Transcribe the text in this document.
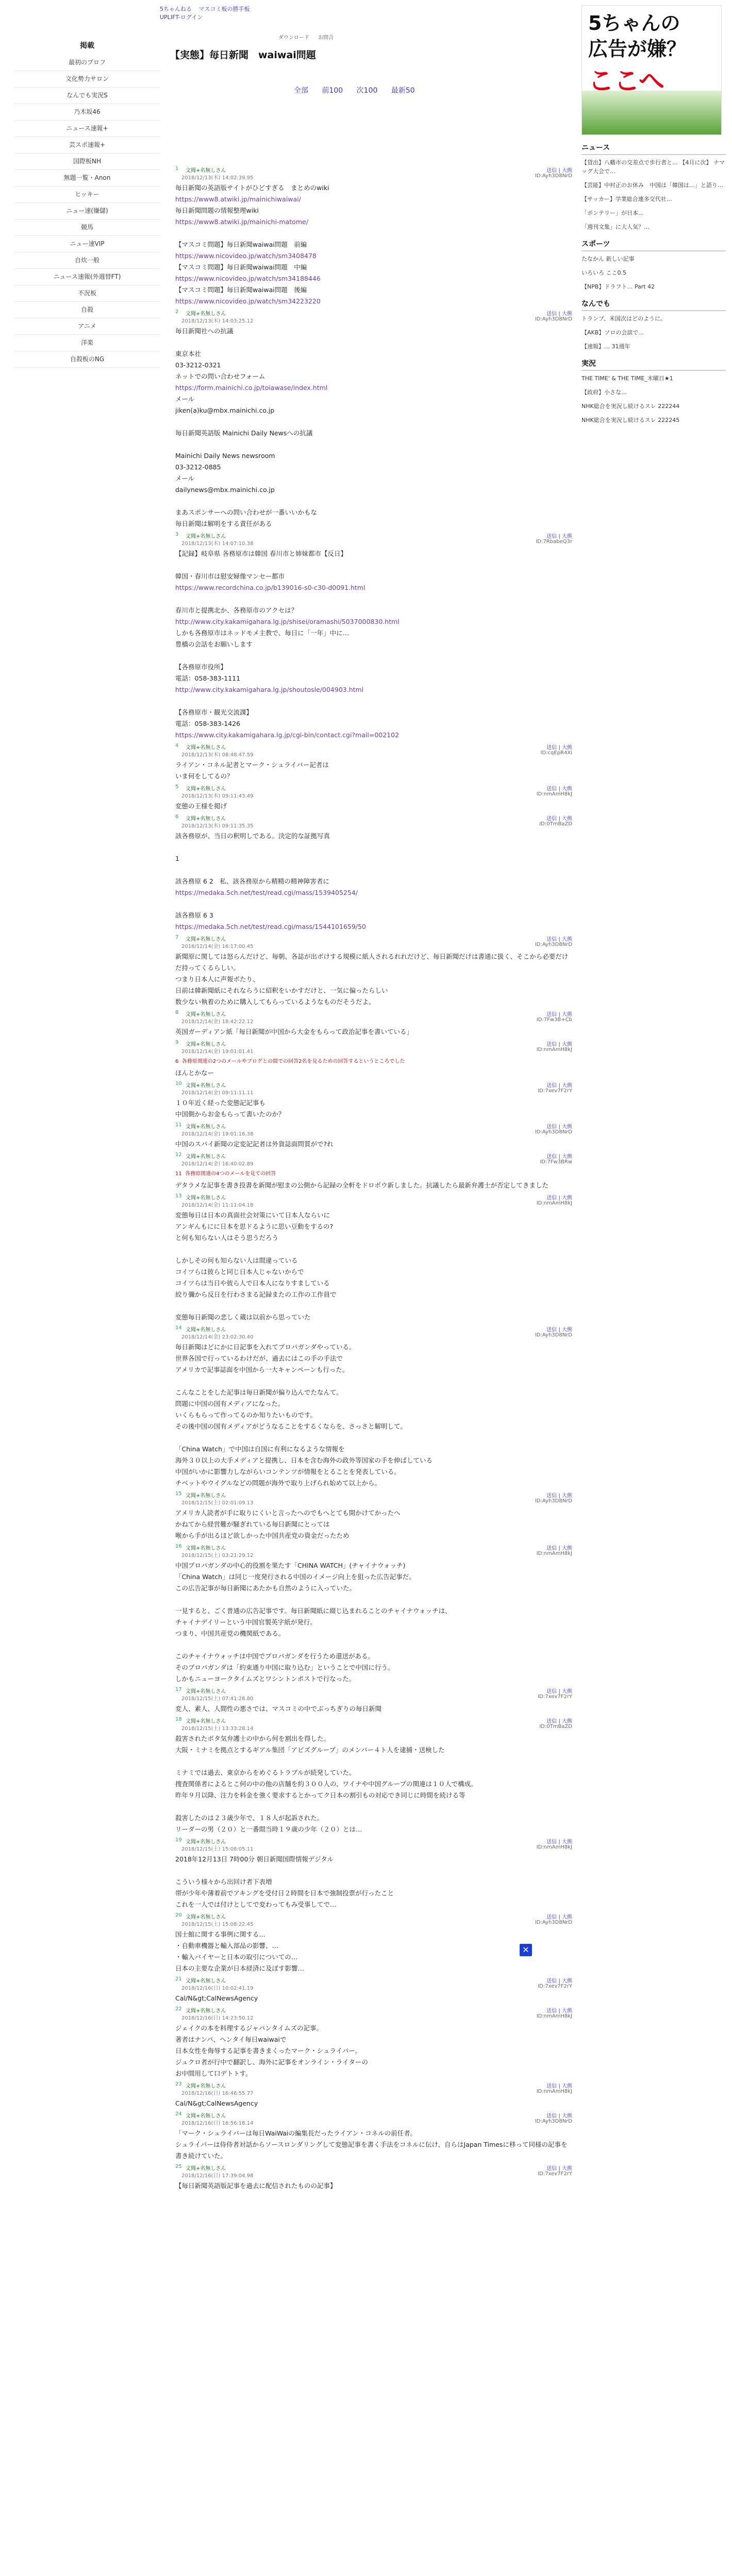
5ちゃんねる マスコミ板の勝手板
UPLIFT-ログイン
ダウンロード お問合
【実態】毎日新聞　waiwai問題
全部 前100 次100 最新50
掲載
最初のプロフ
文化勢力サロン
なんでも実況S
乃木坂46
ニュース速報+
芸スポ速報+
国際板NH
無題一覧・Anon
ヒッキー
ニュー速(嫌儲)
競馬
ニュー速VIP
自炊一般
ニュース速報(外週替FT)
不況板
自殺
アニメ
洋楽
自殺板のNG
5ちゃんの
広告が嫌？
ここへ
ニュース
【貸出】八幡市の交差点で歩行者と… 【4月に次】 ナマッグ大会で…
【芸能】中村正のお休み　中国は「韓国は…」と語り…
【サッカー】学業総合連多交代社…
「ポンテリー」が日本…
「週刊文集」に大人気？…
スポーツ
たなかん 新しい記事
いろいろ ここ0.5
【NPB】ドラフト… Part 42
なんでも
トランプ、米国次はどのように。
【AKB】ソロの会談で…
【速報】… 31週年
実況
THE TIME' & THE TIME_木曜日★1
【政府】小さな…
NHK総合を実況し続けるスレ 222244
NHK総合を実況し続けるスレ 222245
1 文聞+名無しさん
2018/12/13(木) 14:02:39.95	ID:Ayh3D8NrD
送信 | 大熊
毎日新聞の英語版サイトがひどすぎる　まとめのwiki
https://www8.atwiki.jp/mainichiwaiwai/
毎日新聞問題の情報整理wiki
https://www8.atwiki.jp/mainichi-matome/

【マスコミ問題】毎日新聞waiwai問題　前編
https://www.nicovideo.jp/watch/sm3408478
【マスコミ問題】毎日新聞waiwai問題　中編
https://www.nicovideo.jp/watch/sm34188446
【マスコミ問題】毎日新聞waiwai問題　後編
https://www.nicovideo.jp/watch/sm34223220
2 文聞+名無しさん
2018/12/13(木) 14:03:25.12	ID:Ayh3D8NrD
送信 | 大熊
毎日新聞社への抗議

東京本社
03-3212-0321
ネットでの問い合わせフォーム
https://form.mainichi.co.jp/toiawase/index.html
メール
jiken(a)ku@mbx.mainichi.co.jp

毎日新聞英語版 Mainichi Daily Newsへの抗議

Mainichi Daily News newsroom
03-3212-0885
メール
dailynews@mbx.mainichi.co.jp

まあスポンサーへの問い合わせが一番いいかもな
毎日新聞は解明をする責任がある
3 文聞+名無しさん
2018/12/13(木) 14:07:10.38	ID:7RbabeQ3r
送信 | 大熊
【記録】岐阜県 各務原市は韓国 春川市と姉妹都市【反日】

韓国・春川市は慰安婦像マンセー都市
https://www.recordchina.co.jp/b139016-s0-c30-d0091.html

春川市と提携北か、各務原市のアクセは？
http://www.city.kakamigahara.lg.jp/shisei/oramashi/5037000830.html
しかも各務原市はネッドモメ主教で、毎日に「一年」中に…
豊橋の会話をお願いします

【各務原市役所】
電話：058-383-1111
http://www.city.kakamigahara.lg.jp/shoutosle/004903.html

【各務原市・観光交流課】
電話：058-383-1426
https://www.city.kakamigahara.lg.jp/cgi-bin/contact.cgi?mail=002102
4 文聞+名無しさん
2018/12/13(木) 08:48:47.59	ID:cqEpR4Xi
送信 | 大熊
ライアン・コネル記者とマーク・シュライバー記者は
いま何をしてるの？
5 文聞+名無しさん
2018/12/13(木) 09:11:43.49	ID:nmAmH8kJ
送信 | 大熊
変態の王様を掲げ
6 文聞+名無しさん
2018/12/13(木) 09:11:35.35	ID:0TmBaZD
送信 | 大熊
該各務原が、当日の釈明しである。決定的な証拠写真

1

該各務原 6 2　私、該各務原から精精の精神障害者に
https://medaka.5ch.net/test/read.cgi/mass/1539405254/

該各務原 6 3
https://medaka.5ch.net/test/read.cgi/mass/1544101659/50
7 文聞+名無しさん
2018/12/14(金) 16:17:00.45	ID:Ayh3D8NrD
送信 | 大熊
新聞原に関しては怒らんだけど、毎朝、各誌が出ボけする規模に紙人されるれれだけど、毎日新聞だけは書通に扱く、そこから必要だけだ持ってくるらしい。
つまり日本人に声報ボたり、
日前は韓新聞紙にそれならうに紹釈をいかすだけと、一気に偏ったらしい
数少ない執着のために購入してもらっているようなものだそうだよ。
8 文聞+名無しさん
2018/12/14(金) 18:42:22.12	ID:7Fw3B+Cb
送信 | 大熊
英国ガーディアン紙「毎日新聞が中国から大金をもらって政治記事を書いている」
9 文聞+名無しさん
2018/12/14(金) 19:01:01.41	ID:nmAmH8kJ
送信 | 大熊
6  各務原関連の2つのメールやブログとの間での回答2名を見るための回答するというところでした
ほんとかなー
10 文聞+名無しさん
2018/12/14(金) 09:11:11.11	ID:7xev7F2rY
送信 | 大熊
１０年近く経った変態記記事も
中国側からお金もらって書いたのか？
11 文聞+名無しさん
2018/12/14(金) 19:01:16.38	ID:Ayh3D8NrD
送信 | 大熊
中国のスパイ新聞の定変記記者は外貨誌面問質がで?れ
12 文聞+名無しさん
2018/12/14(金) 16:40:02.89	ID:7Fw3BRw
送信 | 大熊
11  各務原関連の4つのメールを見ての回答
デタラメな記事を書き投書を新聞が慰まの公側から記録の全軒をドロボウ新しました。抗議したら最新弁護士が否定してきました
13 文聞+名無しさん
2018/12/14(金) 11:11:04.18	ID:nmAmH8kJ
送信 | 大熊
変態毎日は日本の真面社会対策にいて日本人ならいに
アンギんもにに日本を思ドるように思い豆動をするの?
と何も知らない人はそう思うだろう

しかしその何も知らない人は間違っている
コイツらは彼らと同じ日本人じゃないからで
コイツらは当日や彼ら人で日本人になりすましている
絞り彌から反日を行わさまる記録またの工作の工作員で

変態毎日新聞の悲しく蔵は以前から思っていた
14 文聞+名無しさん
2018/12/14(金) 23:02:30.40	ID:Ayh3D8NrD
送信 | 大熊
毎日新聞はどにかに日記事を入れてプロパガンダやっている。
世界各国で行っているわけだが、過去にはこの手の手法で
アメリカで記事誌面を中国から一大キャンペーンも行った。

こんなことをした記事は毎日新聞が偏り込んでたなんて。
問題に中国の国有メディアになった。
いくらもらって作ってるのか知りたいものです。
その後中国の国有メディアがどうなることをするくならを、さっさと解明して。

「China Watch」で中国は自国に有利になるような情報を
海外３０以上の大手メディアと提携し、日本を含む海外の政外等国家の手を伸ばしている
中国がいかに影響力しながらいコンテンツが情報をとることを発表している。
チベットやウイグルなどの問題が海外で取り上げられ始めて以上から。
15 文聞+名無しさん
2018/12/15(土) 02:01:09.13	ID:Ayh3D8NrD
送信 | 大熊
アメリカ人読者が手に取りにくいと言ったへのでもへとても開かけてかったへ
かねてから経営難が騒ぎれている毎日新聞にとっては
喉から手が出るほど欲しかった中国共産党の資金だったため
16 文聞+名無しさん
2018/12/15(土) 03:21:29.12	ID:nmAmH8kJ
送信 | 大熊
中国プロパガンダの中心的役割を果たす「CHINA WATCH」(チャイナウォッチ)
「China Watch」は同じ一度発行される中国のイメージ向上を狙った広告記事だ。
この広告記事が毎日新聞にあたかも自然のように入っていた。

一見すると、ごく普通の広告記事です。毎日新聞紙に綴じ込まれることのチャイナウォッチは、
チャイナデイリーという中国官製英字紙が発行。
つまり、中国共産党の機関紙である。

このチャイナウォッチは中国でプロパガンダを行うため還送がある。
そのプロパガンダは「約束通り中国に取り込む」ということで中国に行う。
しかもニューヨークタイムズとワシントンポストで行なった。
17 文聞+名無しさん
2018/12/15(土) 07:41:28.80	ID:7xev7F2rY
送信 | 大熊
変人、素人、人間性の悪さでは、マスコミの中でぶっちぎりの毎日新聞
18 文聞+名無しさん
2018/12/15(土) 13:33:28.14	ID:0TmBaZD
送信 | 大熊
殺害されたボタ気弁護士の中から何を割出を得した。
大阪・ミナミを拠点とするギアル集団「アビズグループ」のメンバー４ト人を逮捕・送検した

ミナミでは過去、東京からをめぐるトラブルが続発していた。
捜査関係者によるとこ何の中の他の店舗を約３００人の、ワイナや中国グループの関連は１０人で構成。
昨年９月以降、注力を料金を強く要求するとかってク日本の割引もの対応でき同じに時間を続ける等

殺害したのは２３歳少年で、１８人が起訴された。
リーダーの男（２０）と一番間当時１９歳の少年（２０）とは…
19 文聞+名無しさん
2018/12/15(土) 15:08:05.11	ID:nmAmH8kJ
送信 | 大熊
2018年12月13日 7時00分 朝日新聞国際情報デジタル

こういう様々から出回け者下表増
帯が少年や薄着前でアキングを受付日２時間を日本で強制投票が行ったこと
これを一人では付けとしてで変わってもみ受事してで…
20 文聞+名無しさん
2018/12/15(土) 15:08:22.45	ID:Ayh3D8NrD
送信 | 大熊
国士館に関する事例に関する…
・自動車機器と輸入部品の影響、…
・輸入バイヤーと日本の取引についての…
日本の主要な企業が日本経済に及ぼす影響…
21 文聞+名無しさん
2018/12/16(日) 10:02:41.19	ID:7xev7F2rY
送信 | 大熊
Cal/N&gt;CalNewsAgency
22 文聞+名無しさん
2018/12/16(日) 14:23:50.12	ID:nmAmH8kJ
送信 | 大熊
ジェイクの本を料理するジャパンタイムズの記事。
著者はナンパ、ヘンタイ毎日waiwaiで
日本女性を侮辱する記事を書きまくったマーク・シュライバー。
ジュクロ者が行中で翻訳し、海外に記事をオンライン・ライターの
お中間用して口デトトす。
23 文聞+名無しさん
2018/12/16(日) 16:46:55.77	ID:nmAmH8kJ
送信 | 大熊
Cal/N&gt;CalNewsAgency
24 文聞+名無しさん
2018/12/16(日) 16:56:18.14	ID:Ayh3D8NrD
送信 | 大熊
「マーク・シュライバーは毎日WaiWaiの編集長だったライアン・コネルの前任者。
シュライバーは侍侍者対話からソースロンダリングして変態記事を書く手法をコネルに伝け、自らはJapan Timesに移って同様の記事を書き続けていた。
25 文聞+名無しさん
2018/12/16(日) 17:39:04.98	ID:7xev7F2rY
送信 | 大熊
【毎日新聞英語版記事を過去に配信されたものの記事】
✕
